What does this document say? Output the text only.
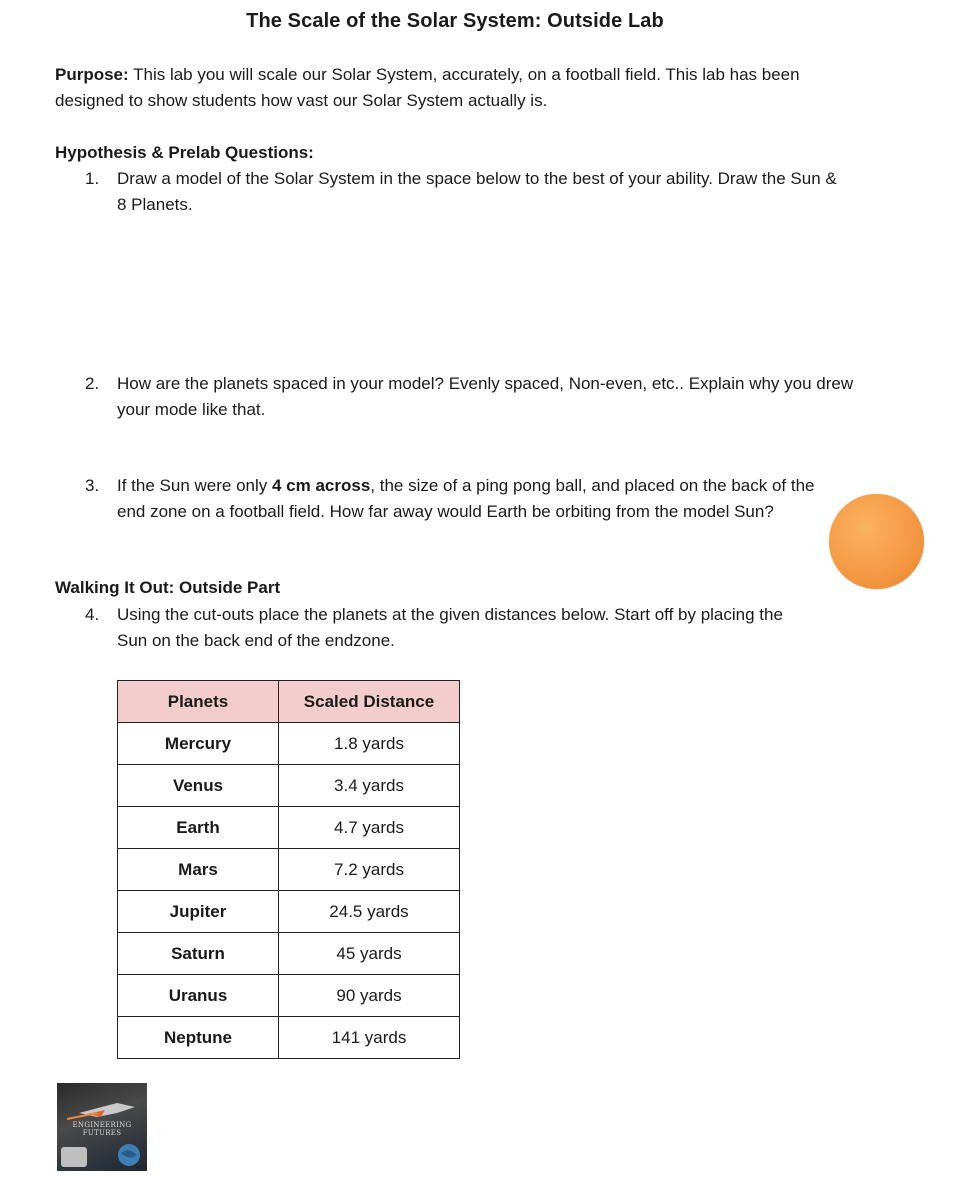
The Scale of the Solar System: Outside Lab
Purpose: This lab you will scale our Solar System, accurately, on a football field. This lab has been designed to show students how vast our Solar System actually is.
Hypothesis & Prelab Questions:
1.	Draw a model of the Solar System in the space below to the best of your ability. Draw the Sun & 8 Planets.
2.	How are the planets spaced in your model? Evenly spaced, Non-even, etc.. Explain why you drew your mode like that.
3.	If the Sun were only 4 cm across, the size of a ping pong ball, and placed on the back of the end zone on a football field. How far away would Earth be orbiting from the model Sun?
Walking It Out: Outside Part
4.	Using the cut-outs place the planets at the given distances below. Start off by placing the Sun on the back end of the endzone.
Planets	Scaled Distance
Mercury	1.8 yards
Venus	3.4 yards
Earth	4.7 yards
Mars	7.2 yards
Jupiter	24.5 yards
Saturn	45 yards
Uranus	90 yards
Neptune	141 yards
ENGINEERING
FUTURES
